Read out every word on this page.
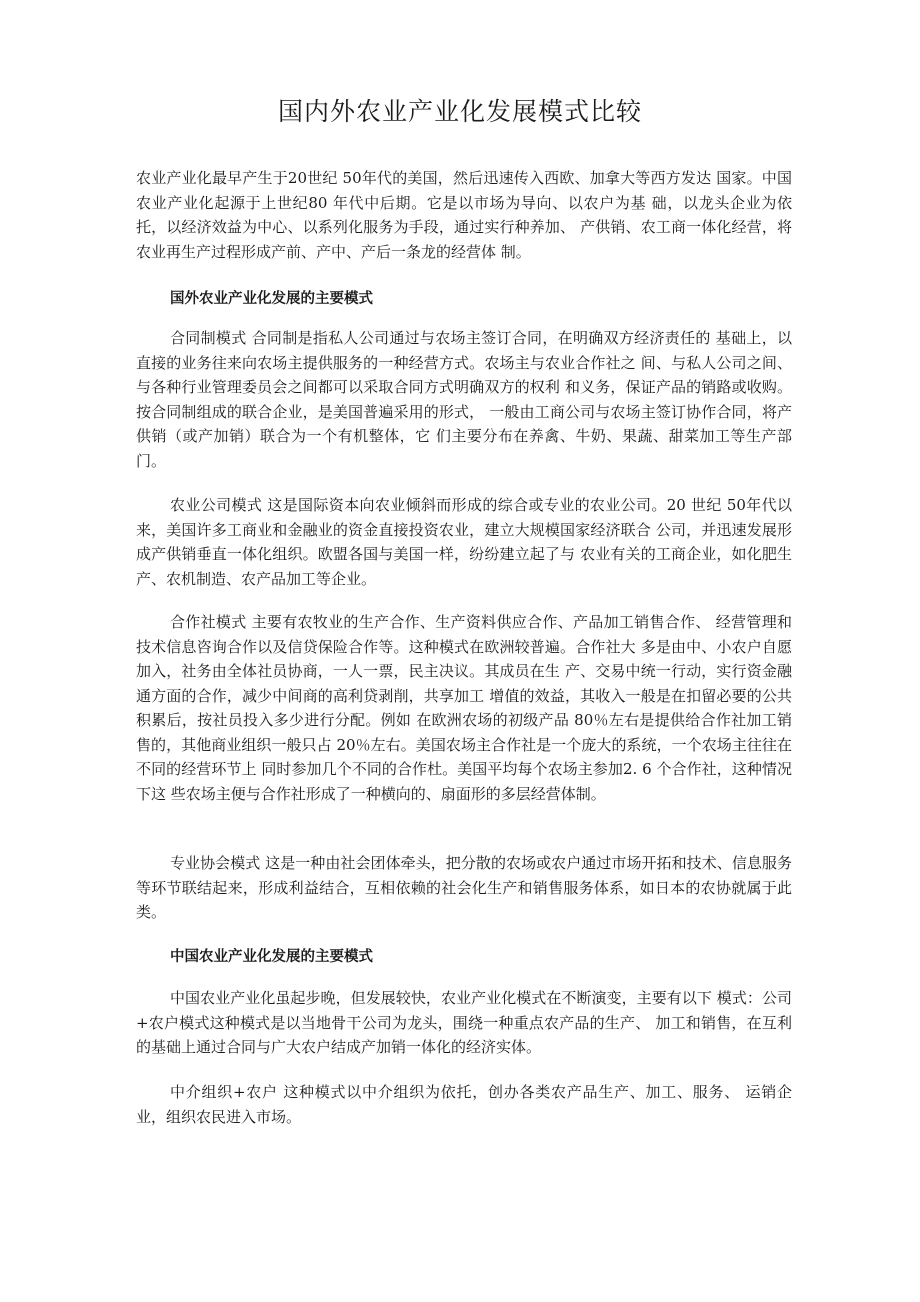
国内外农业产业化发展模式比较

农业产业化最早产生于20世纪 50年代的美国，然后迅速传入西欧、加拿大等西方发达 国家。中国农业产业化起源于上世纪80 年代中后期。它是以市场为导向、以农户为基 础，以龙头企业为依托，以经济效益为中心、以系列化服务为手段，通过实行种养加、 产供销、农工商一体化经营，将农业再生产过程形成产前、产中、产后一条龙的经营体 制。

国外农业产业化发展的主要模式

合同制模式 合同制是指私人公司通过与农场主签订合同，在明确双方经济责任的 基础上，以直接的业务往来向农场主提供服务的一种经营方式。农场主与农业合作社之 间、与私人公司之间、与各种行业管理委员会之间都可以采取合同方式明确双方的权利 和义务，保证产品的销路或收购。按合同制组成的联合企业，是美国普遍采用的形式， 一般由工商公司与农场主签订协作合同，将产供销（或产加销）联合为一个有机整体，它 们主要分布在养禽、牛奶、果蔬、甜菜加工等生产部门。

农业公司模式 这是国际资本向农业倾斜而形成的综合或专业的农业公司。20 世纪 50年代以来，美国许多工商业和金融业的资金直接投资农业，建立大规模国家经济联合 公司，并迅速发展形成产供销垂直一体化组织。欧盟各国与美国一样，纷纷建立起了与 农业有关的工商企业，如化肥生产、农机制造、农产品加工等企业。

合作社模式 主要有农牧业的生产合作、生产资料供应合作、产品加工销售合作、 经营管理和技术信息咨询合作以及信贷保险合作等。这种模式在欧洲较普遍。合作社大 多是由中、小农户自愿加入，社务由全体社员协商，一人一票，民主决议。其成员在生 产、交易中统一行动，实行资金融通方面的合作，减少中间商的高利贷剥削，共享加工 增值的效益，其收入一般是在扣留必要的公共积累后，按社员投入多少进行分配。例如 在欧洲农场的初级产品 80％左右是提供给合作社加工销售的，其他商业组织一般只占 20％左右。美国农场主合作社是一个庞大的系统，一个农场主往往在不同的经营环节上 同时参加几个不同的合作杜。美国平均每个农场主参加2. 6 个合作社，这种情况下这 些农场主便与合作社形成了一种横向的、扇面形的多层经营体制。

专业协会模式 这是一种由社会团体牵头，把分散的农场或农户通过市场开拓和技术、信息服务等环节联结起来，形成利益结合，互相依赖的社会化生产和销售服务体系，如日本的农协就属于此类。

中国农业产业化发展的主要模式

中国农业产业化虽起步晚，但发展较快，农业产业化模式在不断演变，主要有以下 模式：公司+农户模式这种模式是以当地骨干公司为龙头，围绕一种重点农产品的生产、 加工和销售，在互利的基础上通过合同与广大农户结成产加销一体化的经济实体。

中介组织+农户 这种模式以中介组织为依托，创办各类农产品生产、加工、服务、 运销企业，组织农民进入市场。
